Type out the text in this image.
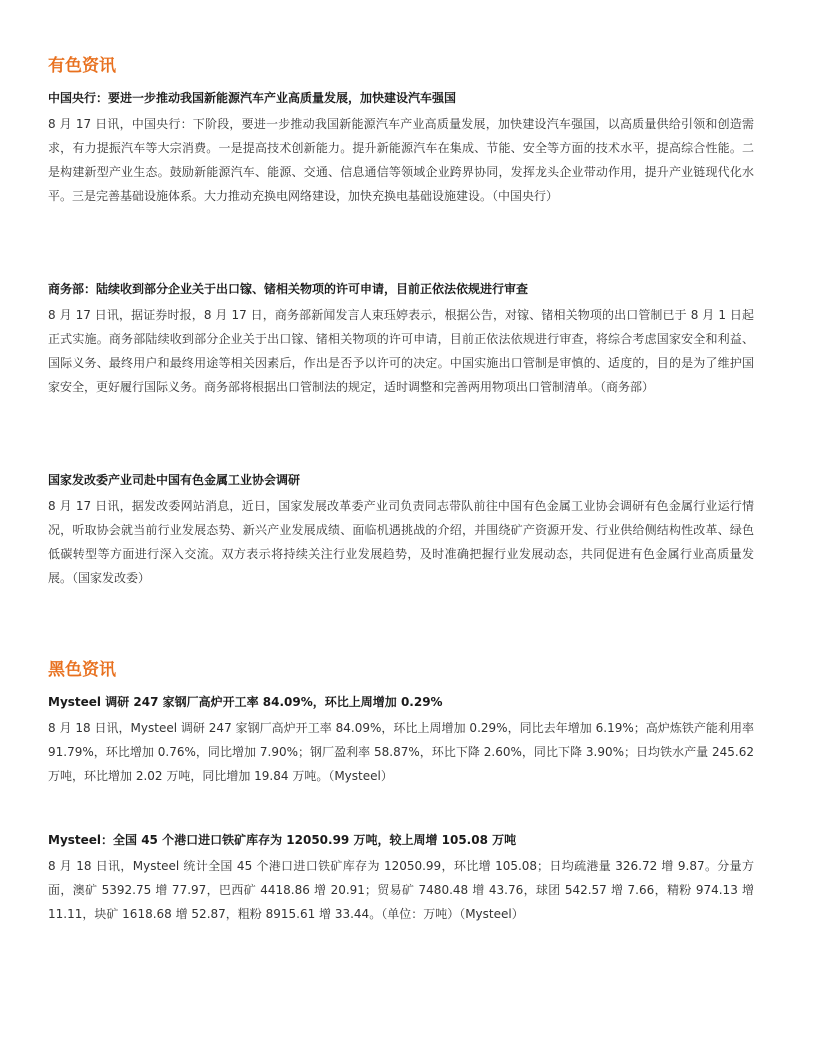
有色资讯

中国央行：要进一步推动我国新能源汽车产业高质量发展，加快建设汽车强国

8 月 17 日讯，中国央行：下阶段，要进一步推动我国新能源汽车产业高质量发展，加快建设汽车强国，以高质量供给引领和创造需求，有力提振汽车等大宗消费。一是提高技术创新能力。提升新能源汽车在集成、节能、安全等方面的技术水平，提高综合性能。二是构建新型产业生态。鼓励新能源汽车、能源、交通、信息通信等领域企业跨界协同，发挥龙头企业带动作用，提升产业链现代化水平。三是完善基础设施体系。大力推动充换电网络建设，加快充换电基础设施建设。（中国央行）

商务部：陆续收到部分企业关于出口镓、锗相关物项的许可申请，目前正依法依规进行审查

8 月 17 日讯，据证券时报，8 月 17 日，商务部新闻发言人束珏婷表示，根据公告，对镓、锗相关物项的出口管制已于 8 月 1 日起正式实施。商务部陆续收到部分企业关于出口镓、锗相关物项的许可申请，目前正依法依规进行审查，将综合考虑国家安全和利益、国际义务、最终用户和最终用途等相关因素后，作出是否予以许可的决定。中国实施出口管制是审慎的、适度的，目的是为了维护国家安全，更好履行国际义务。商务部将根据出口管制法的规定，适时调整和完善两用物项出口管制清单。（商务部）

国家发改委产业司赴中国有色金属工业协会调研

8 月 17 日讯，据发改委网站消息，近日，国家发展改革委产业司负责同志带队前往中国有色金属工业协会调研有色金属行业运行情况，听取协会就当前行业发展态势、新兴产业发展成绩、面临机遇挑战的介绍，并围绕矿产资源开发、行业供给侧结构性改革、绿色低碳转型等方面进行深入交流。双方表示将持续关注行业发展趋势，及时准确把握行业发展动态，共同促进有色金属行业高质量发展。（国家发改委）

黑色资讯

Mysteel 调研 247 家钢厂高炉开工率 84.09%，环比上周增加 0.29%

8 月 18 日讯，Mysteel 调研 247 家钢厂高炉开工率 84.09%，环比上周增加 0.29%，同比去年增加 6.19%；高炉炼铁产能利用率 91.79%，环比增加 0.76%，同比增加 7.90%；钢厂盈利率 58.87%，环比下降 2.60%，同比下降 3.90%；日均铁水产量 245.62 万吨，环比增加 2.02 万吨，同比增加 19.84 万吨。（Mysteel）

Mysteel：全国 45 个港口进口铁矿库存为 12050.99 万吨，较上周增 105.08 万吨

8 月 18 日讯，Mysteel 统计全国 45 个港口进口铁矿库存为 12050.99，环比增 105.08；日均疏港量 326.72 增 9.87。分量方面，澳矿 5392.75 增 77.97，巴西矿 4418.86 增 20.91；贸易矿 7480.48 增 43.76，球团 542.57 增 7.66，精粉 974.13 增 11.11，块矿 1618.68 增 52.87，粗粉 8915.61 增 33.44。（单位：万吨）（Mysteel）
